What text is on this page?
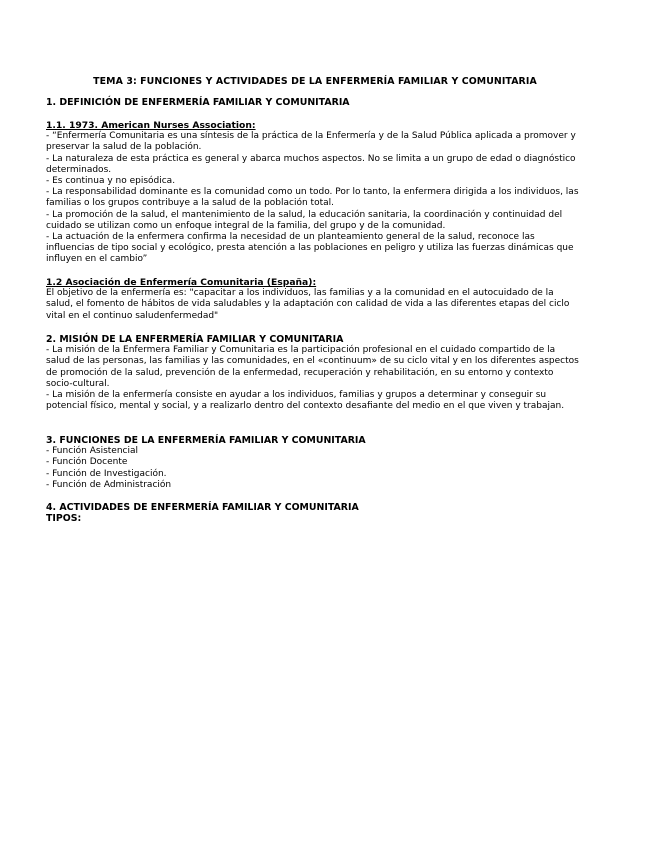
TEMA 3: FUNCIONES Y ACTIVIDADES DE LA ENFERMERÍA FAMILIAR Y COMUNITARIA
1. DEFINICIÓN DE ENFERMERÍA FAMILIAR Y COMUNITARIA
1.1. 1973. American Nurses Association:
- “Enfermería Comunitaria es una síntesis de la práctica de la Enfermería y de la Salud Pública aplicada a promover y preservar la salud de la población.
- La naturaleza de esta práctica es general y abarca muchos aspectos. No se limita a un grupo de edad o diagnóstico determinados.
- Es continua y no episódica.
- La responsabilidad dominante es la comunidad como un todo. Por lo tanto, la enfermera dirigida a los individuos, las familias o los grupos contribuye a la salud de la población total.
- La promoción de la salud, el mantenimiento de la salud, la educación sanitaria, la coordinación y continuidad del cuidado se utilizan como un enfoque integral de la familia, del grupo y de la comunidad.
- La actuación de la enfermera confirma la necesidad de un planteamiento general de la salud, reconoce las influencias de tipo social y ecológico, presta atención a las poblaciones en peligro y utiliza las fuerzas dinámicas que influyen en el cambio”
1.2 Asociación de Enfermería Comunitaria (España):

El objetivo de la enfermería es: "capacitar a los individuos, las familias y a la comunidad en el autocuidado de la salud, el fomento de hábitos de vida saludables y la adaptación con calidad de vida a las diferentes etapas del ciclo vital en el continuo saludenfermedad"

2. MISIÓN DE LA ENFERMERÍA FAMILIAR Y COMUNITARIA
- La misión de la Enfermera Familiar y Comunitaria es la participación profesional en el cuidado compartido de la salud de las personas, las familias y las comunidades, en el «continuum» de su ciclo vital y en los diferentes aspectos de promoción de la salud, prevención de la enfermedad, recuperación y rehabilitación, en su entorno y contexto socio-cultural.
- La misión de la enfermería consiste en ayudar a los individuos, familias y grupos a determinar y conseguir su potencial físico, mental y social, y a realizarlo dentro del contexto desafiante del medio en el que viven y trabajan.
3. FUNCIONES DE LA ENFERMERÍA FAMILIAR Y COMUNITARIA
- Función Asistencial
- Función Docente
- Función de Investigación.
- Función de Administración
4. ACTIVIDADES DE ENFERMERÍA FAMILIAR Y COMUNITARIA
TIPOS:
